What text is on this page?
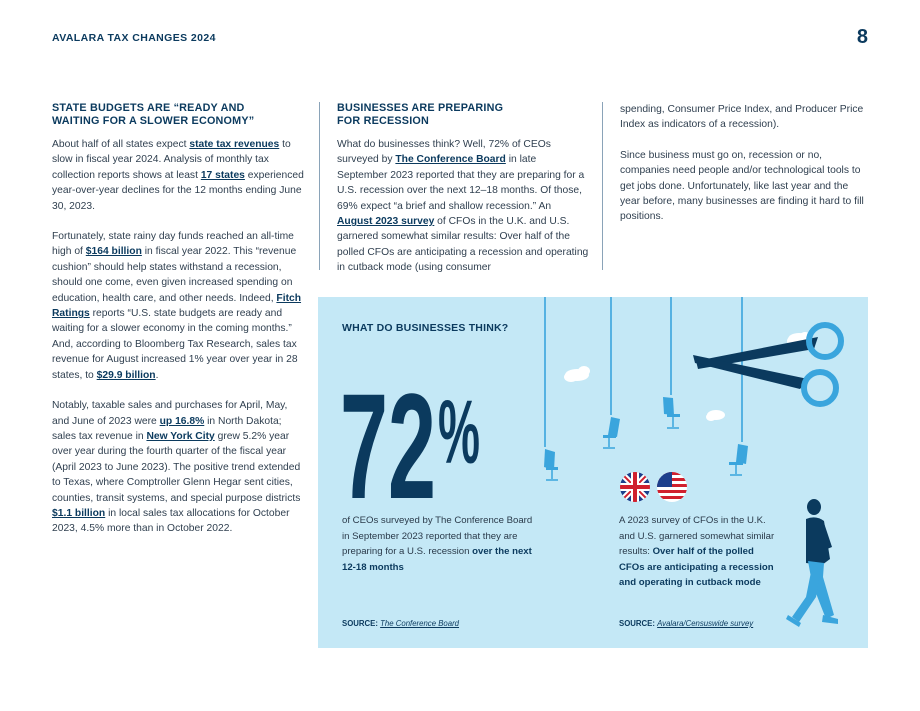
AVALARA TAX CHANGES 2024	8
STATE BUDGETS ARE “READY AND
WAITING FOR A SLOWER ECONOMY”

About half of all states expect state tax revenues to slow in fiscal year 2024. Analysis of monthly tax collection reports shows at least 17 states experienced year-over-year declines for the 12 months ending June 30, 2023.

Fortunately, state rainy day funds reached an all-time high of $164 billion in fiscal year 2022. This “revenue cushion” should help states withstand a recession, should one come, even given increased spending on education, health care, and other needs. Indeed, Fitch Ratings reports “U.S. state budgets are ready and waiting for a slower economy in the coming months.” And, according to Bloomberg Tax Research, sales tax revenue for August increased 1% year over year in 28 states, to $29.9 billion.

Notably, taxable sales and purchases for April, May, and June of 2023 were up 16.8% in North Dakota; sales tax revenue in New York City grew 5.2% year over year during the fourth quarter of the fiscal year (April 2023 to June 2023). The positive trend extended to Texas, where Comptroller Glenn Hegar sent cities, counties, transit systems, and special purpose districts $1.1 billion in local sales tax allocations for October 2023, 4.5% more than in October 2022.

BUSINESSES ARE PREPARING
FOR RECESSION

What do businesses think? Well, 72% of CEOs surveyed by The Conference Board in late September 2023 reported that they are preparing for a U.S. recession over the next 12–18 months. Of those, 69% expect “a brief and shallow recession.” An August 2023 survey of CFOs in the U.K. and U.S. garnered somewhat similar results: Over half of the polled CFOs are anticipating a recession and operating in cutback mode (using consumer

spending, Consumer Price Index, and Producer Price Index as indicators of a recession).

Since business must go on, recession or no, companies need people and/or technological tools to get jobs done. Unfortunately, like last year and the year before, many businesses are finding it hard to fill positions.

WHAT DO BUSINESSES THINK?
72 %
of CEOs surveyed by The Conference Board in September 2023 reported that they are preparing for a U.S. recession over the next 12-18 months
SOURCE: The Conference Board
A 2023 survey of CFOs in the U.K. and U.S. garnered somewhat similar results: Over half of the polled CFOs are anticipating a recession and operating in cutback mode
SOURCE: Avalara/Censuswide survey
